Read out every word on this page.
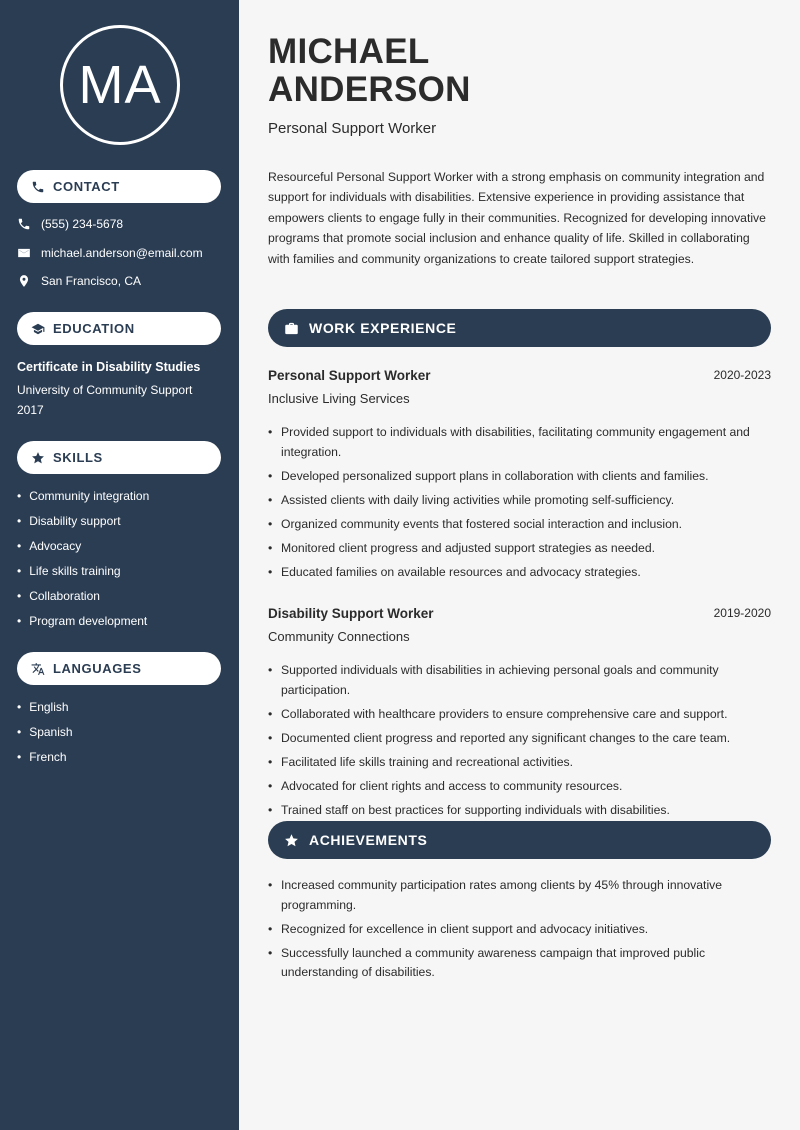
MA
CONTACT
(555) 234-5678
michael.anderson@email.com
San Francisco, CA
EDUCATION
Certificate in Disability Studies
University of Community Support
2017
SKILLS
• Community integration
• Disability support
• Advocacy
• Life skills training
• Collaboration
• Program development
LANGUAGES
• English
• Spanish
• French
MICHAEL
ANDERSON
Personal Support Worker

Resourceful Personal Support Worker with a strong emphasis on community integration and support for individuals with disabilities. Extensive experience in providing assistance that empowers clients to engage fully in their communities. Recognized for developing innovative programs that promote social inclusion and enhance quality of life. Skilled in collaborating with families and community organizations to create tailored support strategies.

WORK EXPERIENCE
Personal Support Worker	2020-2023
Inclusive Living Services
• Provided support to individuals with disabilities, facilitating community engagement and integration.
• Developed personalized support plans in collaboration with clients and families.
• Assisted clients with daily living activities while promoting self-sufficiency.
• Organized community events that fostered social interaction and inclusion.
• Monitored client progress and adjusted support strategies as needed.
• Educated families on available resources and advocacy strategies.
Disability Support Worker	2019-2020
Community Connections
• Supported individuals with disabilities in achieving personal goals and community participation.
• Collaborated with healthcare providers to ensure comprehensive care and support.
• Documented client progress and reported any significant changes to the care team.
• Facilitated life skills training and recreational activities.
• Advocated for client rights and access to community resources.
• Trained staff on best practices for supporting individuals with disabilities.
ACHIEVEMENTS
• Increased community participation rates among clients by 45% through innovative programming.
• Recognized for excellence in client support and advocacy initiatives.
• Successfully launched a community awareness campaign that improved public understanding of disabilities.
